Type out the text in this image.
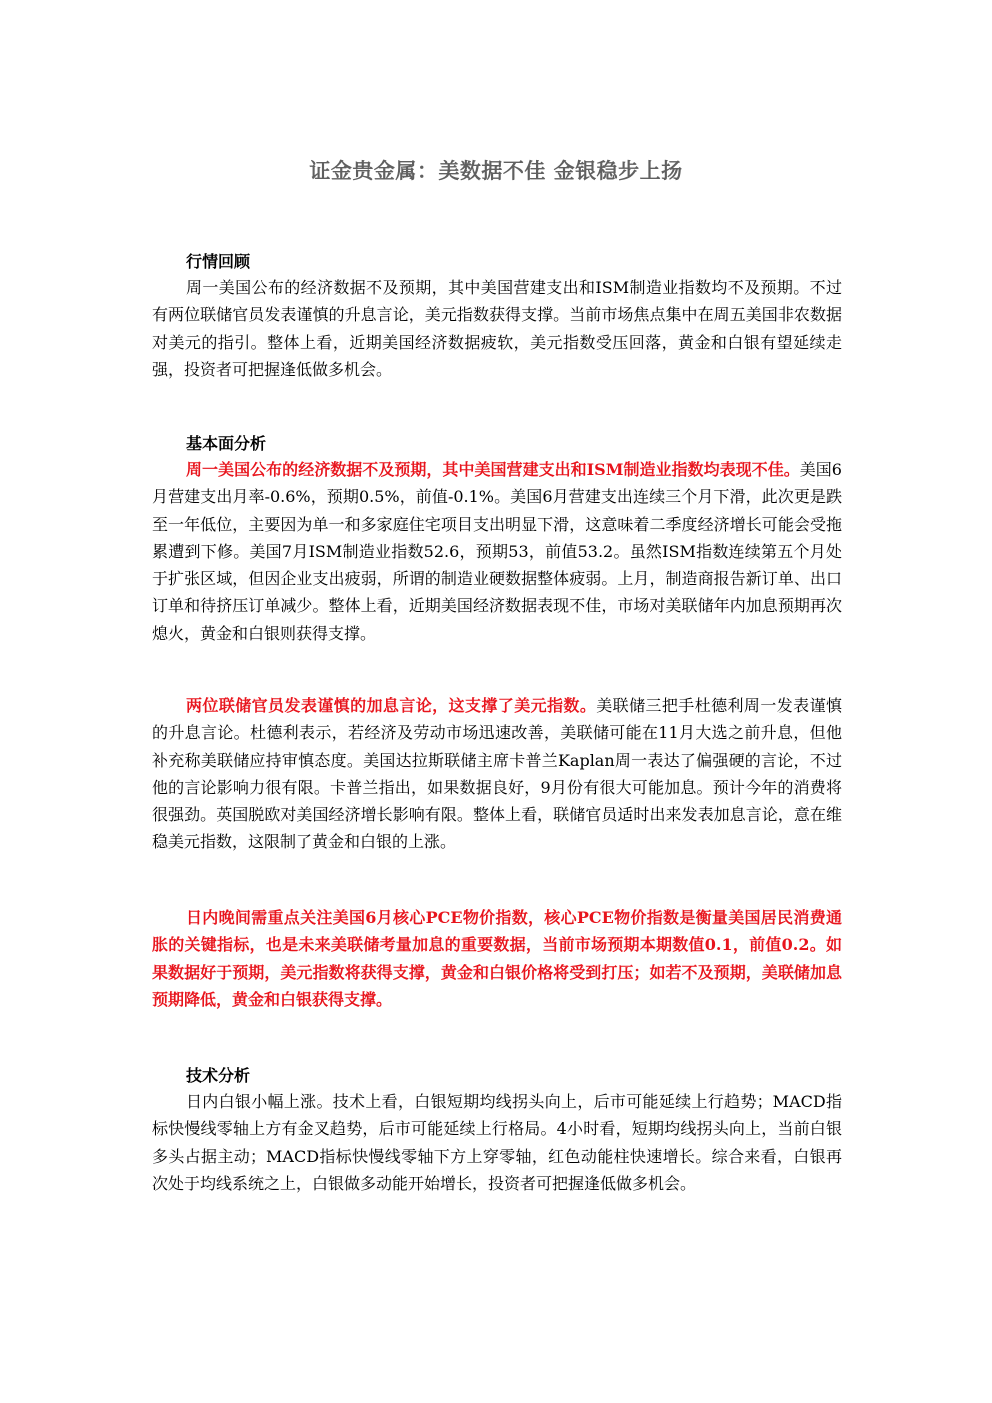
证金贵金属：美数据不佳 金银稳步上扬
行情回顾

周一美国公布的经济数据不及预期，其中美国营建支出和ISM制造业指数均不及预期。不过有两位联储官员发表谨慎的升息言论，美元指数获得支撑。当前市场焦点集中在周五美国非农数据对美元的指引。整体上看，近期美国经济数据疲软，美元指数受压回落，黄金和白银有望延续走强，投资者可把握逢低做多机会。

基本面分析

周一美国公布的经济数据不及预期，其中美国营建支出和ISM制造业指数均表现不佳。美国6月营建支出月率-0.6%，预期0.5%，前值-0.1%。美国6月营建支出连续三个月下滑，此次更是跌至一年低位，主要因为单一和多家庭住宅项目支出明显下滑，这意味着二季度经济增长可能会受拖累遭到下修。美国7月ISM制造业指数52.6，预期53，前值53.2。虽然ISM指数连续第五个月处于扩张区域，但因企业支出疲弱，所谓的制造业硬数据整体疲弱。上月，制造商报告新订单、出口订单和待挤压订单减少。整体上看，近期美国经济数据表现不佳，市场对美联储年内加息预期再次熄火，黄金和白银则获得支撑。

两位联储官员发表谨慎的加息言论，这支撑了美元指数。美联储三把手杜德利周一发表谨慎的升息言论。杜德利表示，若经济及劳动市场迅速改善，美联储可能在11月大选之前升息，但他补充称美联储应持审慎态度。美国达拉斯联储主席卡普兰Kaplan周一表达了偏强硬的言论，不过他的言论影响力很有限。卡普兰指出，如果数据良好，9月份有很大可能加息。预计今年的消费将很强劲。英国脱欧对美国经济增长影响有限。整体上看，联储官员适时出来发表加息言论，意在维稳美元指数，这限制了黄金和白银的上涨。

日内晚间需重点关注美国6月核心PCE物价指数，核心PCE物价指数是衡量美国居民消费通胀的关键指标，也是未来美联储考量加息的重要数据，当前市场预期本期数值0.1，前值0.2。如果数据好于预期，美元指数将获得支撑，黄金和白银价格将受到打压；如若不及预期，美联储加息预期降低，黄金和白银获得支撑。

技术分析

日内白银小幅上涨。技术上看，白银短期均线拐头向上，后市可能延续上行趋势；MACD指标快慢线零轴上方有金叉趋势，后市可能延续上行格局。4小时看，短期均线拐头向上，当前白银多头占据主动；MACD指标快慢线零轴下方上穿零轴，红色动能柱快速增长。综合来看，白银再次处于均线系统之上，白银做多动能开始增长，投资者可把握逢低做多机会。
